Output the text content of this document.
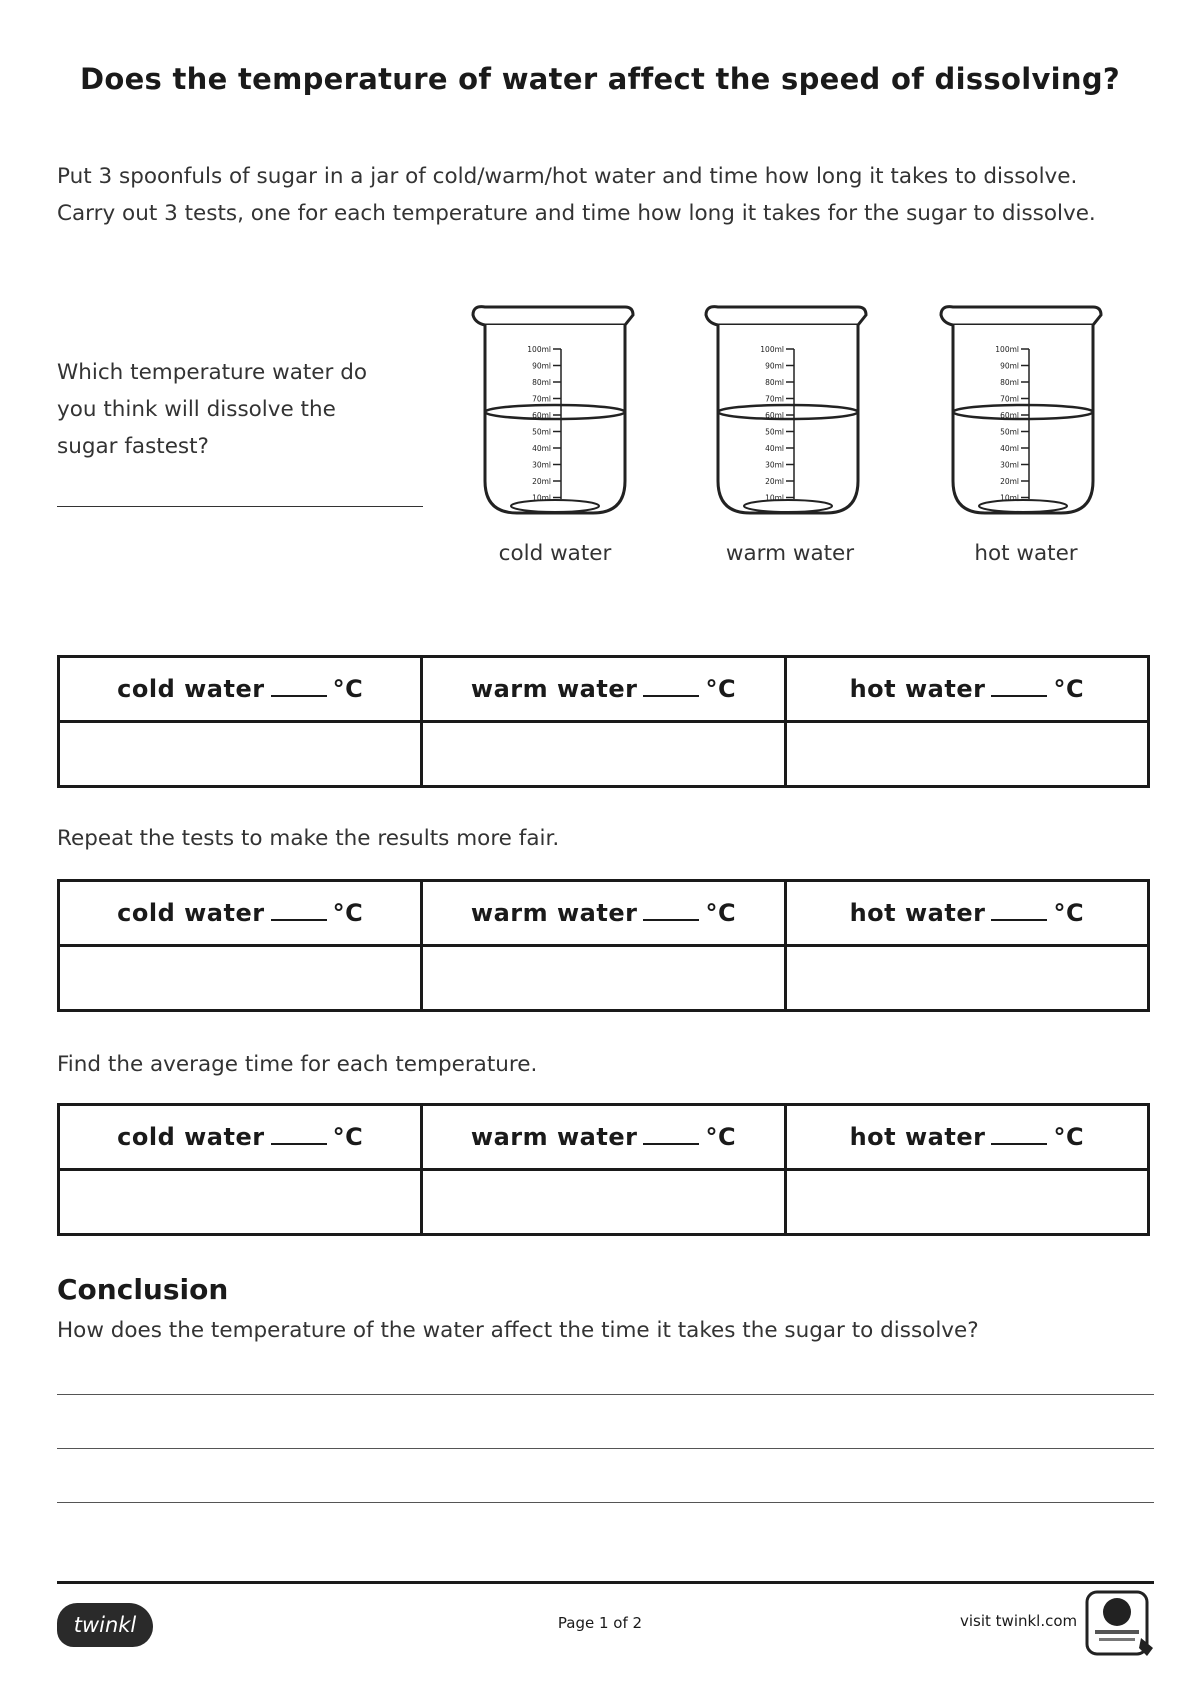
Does the temperature of water affect the speed of dissolving?
Put 3 spoonfuls of sugar in a jar of cold/warm/hot water and time how long it takes to dissolve.
Carry out 3 tests, one for each temperature and time how long it takes for the sugar to dissolve.
Which temperature water do
you think will dissolve the
sugar fastest?
100ml
90ml
80ml
70ml
60ml
50ml
40ml
30ml
20ml
10ml
100ml
90ml
80ml
70ml
60ml
50ml
40ml
30ml
20ml
10ml
100ml
90ml
80ml
70ml
60ml
50ml
40ml
30ml
20ml
10ml
cold water	warm water	hot water
cold water °C	warm water °C	hot water °C

Repeat the tests to make the results more fair.
cold water °C	warm water °C	hot water °C

Find the average time for each temperature.
cold water °C	warm water °C	hot water °C

Conclusion
How does the temperature of the water affect the time it takes the sugar to dissolve?
twinkl	Page 1 of 2	visit twinkl.com
